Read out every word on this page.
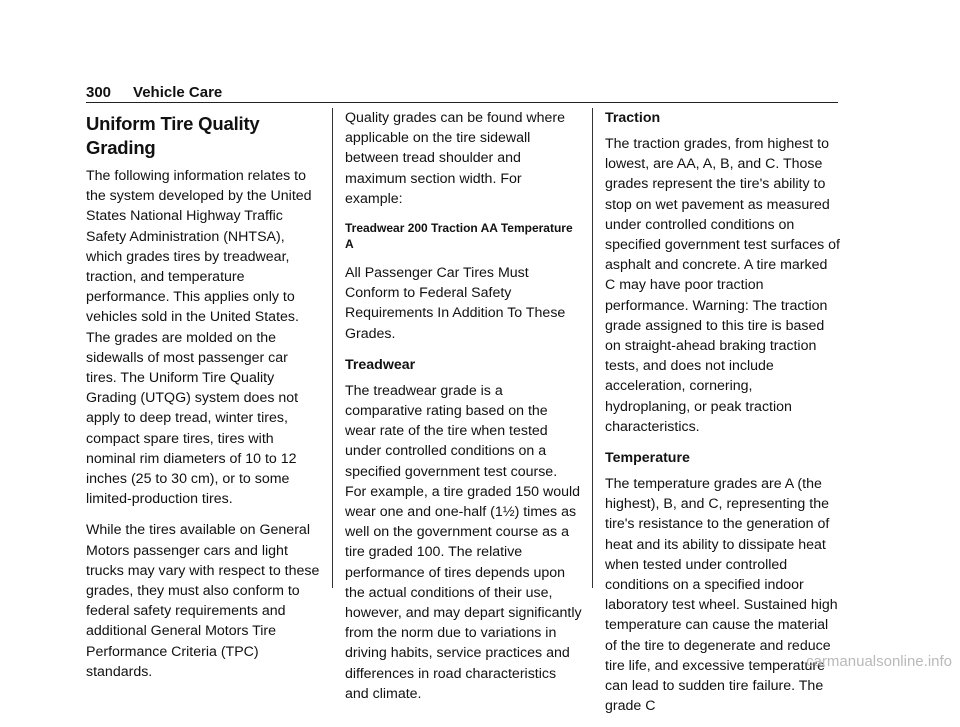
300 Vehicle Care
Uniform Tire Quality Grading

The following information relates to the system developed by the United States National Highway Traffic Safety Administration (NHTSA), which grades tires by treadwear, traction, and temperature performance. This applies only to vehicles sold in the United States. The grades are molded on the sidewalls of most passenger car tires. The Uniform Tire Quality Grading (UTQG) system does not apply to deep tread, winter tires, compact spare tires, tires with nominal rim diameters of 10 to 12 inches (25 to 30 cm), or to some limited-production tires.

While the tires available on General Motors passenger cars and light trucks may vary with respect to these grades, they must also conform to federal safety requirements and additional General Motors Tire Performance Criteria (TPC) standards.

Quality grades can be found where applicable on the tire sidewall between tread shoulder and maximum section width. For example:

Treadwear 200 Traction AA Temperature A

All Passenger Car Tires Must Conform to Federal Safety Requirements In Addition To These Grades.

Treadwear

The treadwear grade is a comparative rating based on the wear rate of the tire when tested under controlled conditions on a specified government test course. For example, a tire graded 150 would wear one and one-half (1½) times as well on the government course as a tire graded 100. The relative performance of tires depends upon the actual conditions of their use, however, and may depart significantly from the norm due to variations in driving habits, service practices and differences in road characteristics and climate.

Traction

The traction grades, from highest to lowest, are AA, A, B, and C. Those grades represent the tire's ability to stop on wet pavement as measured under controlled conditions on specified government test surfaces of asphalt and concrete. A tire marked C may have poor traction performance. Warning: The traction grade assigned to this tire is based on straight-ahead braking traction tests, and does not include acceleration, cornering, hydroplaning, or peak traction characteristics.

Temperature

The temperature grades are A (the highest), B, and C, representing the tire's resistance to the generation of heat and its ability to dissipate heat when tested under controlled conditions on a specified indoor laboratory test wheel. Sustained high temperature can cause the material of the tire to degenerate and reduce tire life, and excessive temperature can lead to sudden tire failure. The grade C

carmanualsonline.info
